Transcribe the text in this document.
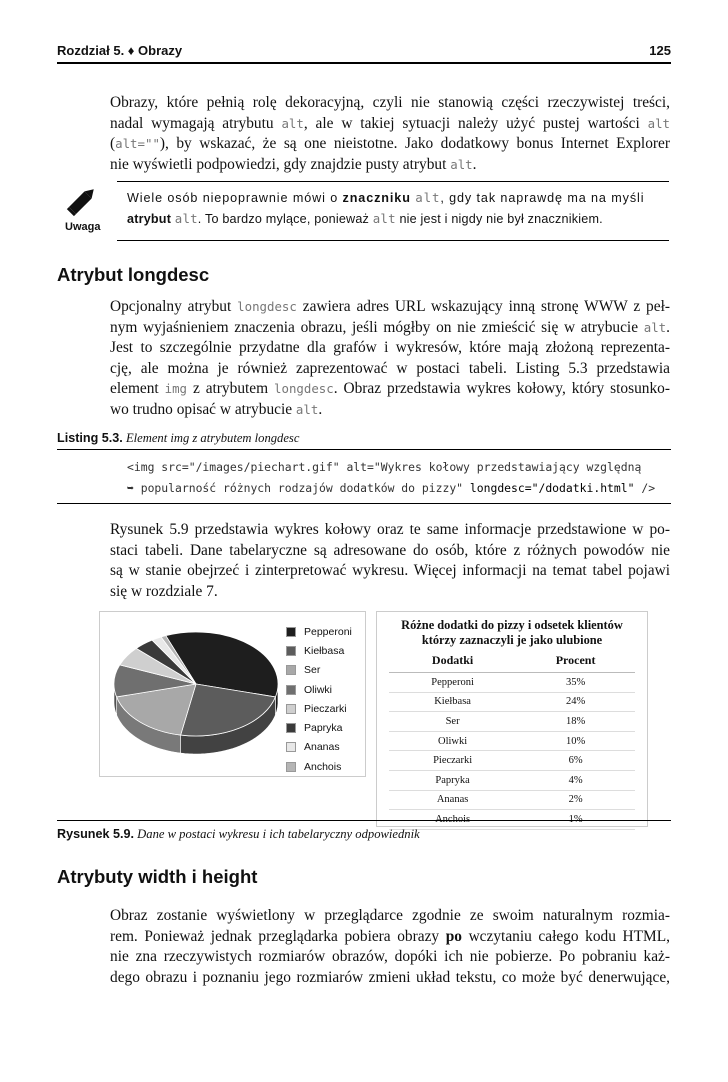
Rozdział 5. ♦ Obrazy	125
Obrazy, które pełnią rolę dekoracyjną, czyli nie stanowią części rzeczywistej treści,
nadal wymagają atrybutu alt, ale w takiej sytuacji należy użyć pustej wartości alt
(alt=""), by wskazać, że są one nieistotne. Jako dodatkowy bonus Internet Explorer
nie wyświetli podpowiedzi, gdy znajdzie pusty atrybut alt.
Uwaga
Wiele osób niepoprawnie mówi o znaczniku alt, gdy tak naprawdę ma na myśli
atrybut alt. To bardzo mylące, ponieważ alt nie jest i nigdy nie był znacznikiem.
Atrybut longdesc
Opcjonalny atrybut longdesc zawiera adres URL wskazujący inną stronę WWW z peł-
nym wyjaśnieniem znaczenia obrazu, jeśli mógłby on nie zmieścić się w atrybucie alt.
Jest to szczególnie przydatne dla grafów i wykresów, które mają złożoną reprezenta-
cję, ale można je również zaprezentować w postaci tabeli. Listing 5.3 przedstawia
element img z atrybutem longdesc. Obraz przedstawia wykres kołowy, który stosunko-
wo trudno opisać w atrybucie alt.
Listing 5.3. Element img z atrybutem longdesc
<img src="/images/piechart.gif" alt="Wykres kołowy przedstawiający względną
➥ popularność różnych rodzajów dodatków do pizzy" longdesc="/dodatki.html" />
Rysunek 5.9 przedstawia wykres kołowy oraz te same informacje przedstawione w po-
staci tabeli. Dane tabelaryczne są adresowane do osób, które z różnych powodów nie
są w stanie obejrzeć i zinterpretować wykresu. Więcej informacji na temat tabel pojawi
się w rozdziale 7.
Pepperoni
Kiełbasa
Ser
Oliwki
Pieczarki
Papryka
Ananas
Anchois
Różne dodatki do pizzy i odsetek klientów
którzy zaznaczyli je jako ulubione
Dodatki	Procent
Pepperoni	35%
Kiełbasa	24%
Ser	18%
Oliwki	10%
Pieczarki	6%
Papryka	4%
Ananas	2%
Anchois	1%
Rysunek 5.9. Dane w postaci wykresu i ich tabelaryczny odpowiednik
Atrybuty width i height
Obraz zostanie wyświetlony w przeglądarce zgodnie ze swoim naturalnym rozmia-
rem. Ponieważ jednak przeglądarka pobiera obrazy po wczytaniu całego kodu HTML,
nie zna rzeczywistych rozmiarów obrazów, dopóki ich nie pobierze. Po pobraniu każ-
dego obrazu i poznaniu jego rozmiarów zmieni układ tekstu, co może być denerwujące,
